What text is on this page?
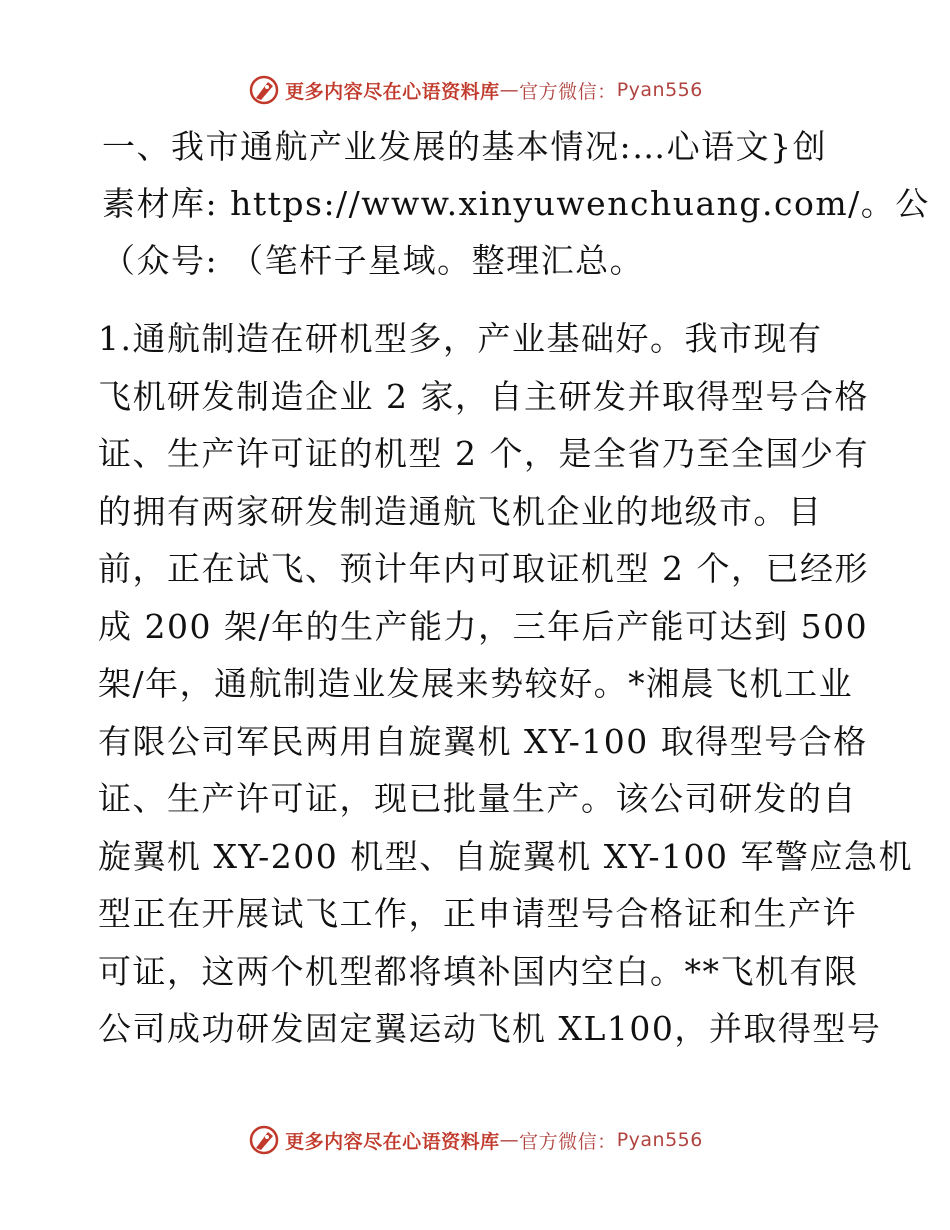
更多内容尽在心语资料库 — 官方微信： Pyan556
一、我市通航产业发展的基本情况:…心语文}创
素材库: https://www.xinyuwenchuang.com/。公
（众号: （笔杆子星域。整理汇总。
1.通航制造在研机型多，产业基础好。我市现有
飞机研发制造企业 2 家，自主研发并取得型号合格
证、生产许可证的机型 2 个，是全省乃至全国少有
的拥有两家研发制造通航飞机企业的地级市。目
前，正在试飞、预计年内可取证机型 2 个，已经形
成 200 架/年的生产能力，三年后产能可达到 500
架/年，通航制造业发展来势较好。*湘晨飞机工业
有限公司军民两用自旋翼机 XY-100 取得型号合格
证、生产许可证，现已批量生产。该公司研发的自
旋翼机 XY-200 机型、自旋翼机 XY-100 军警应急机
型正在开展试飞工作，正申请型号合格证和生产许
可证，这两个机型都将填补国内空白。**飞机有限
公司成功研发固定翼运动飞机 XL100，并取得型号
更多内容尽在心语资料库 — 官方微信： Pyan556
